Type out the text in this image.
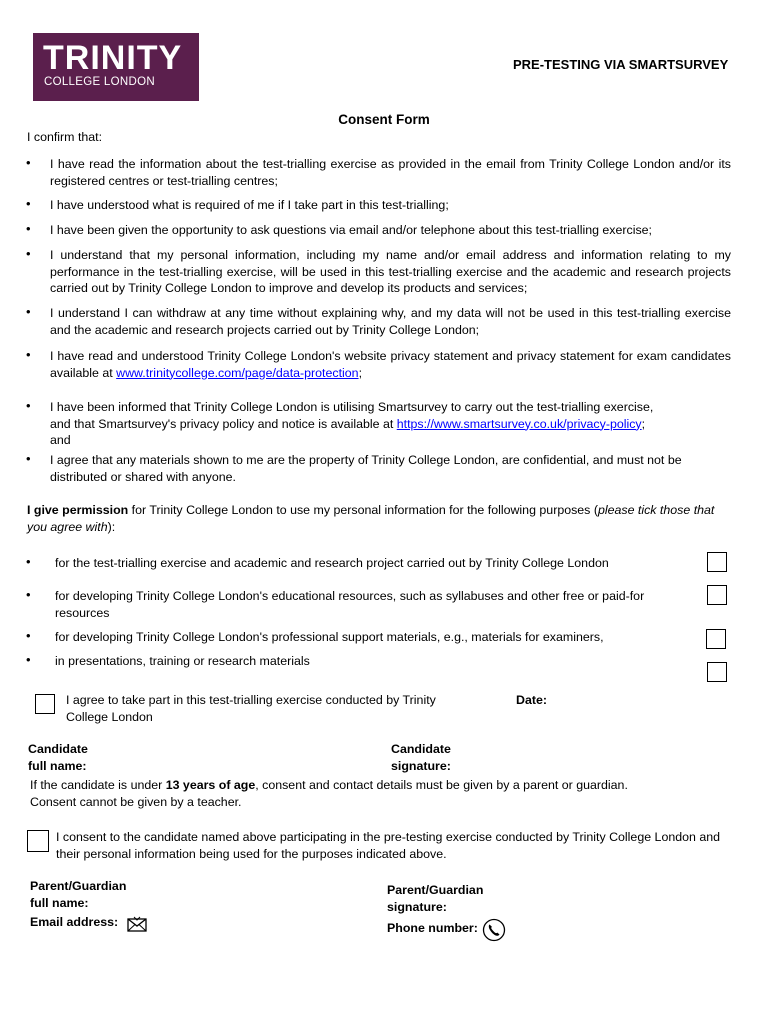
TRINITY
COLLEGE LONDON
PRE-TESTING VIA SMARTSURVEY
Consent Form
I confirm that:
• I have read the information about the test-trialling exercise as provided in the email from Trinity College London and/or its registered centres or test-trialling centres;
• I have understood what is required of me if I take part in this test-trialling;
• I have been given the opportunity to ask questions via email and/or telephone about this test-trialling exercise;
• I understand that my personal information, including my name and/or email address and information relating to my performance in the test-trialling exercise, will be used in this test-trialling exercise and the academic and research projects carried out by Trinity College London to improve and develop its products and services;
• I understand I can withdraw at any time without explaining why, and my data will not be used in this test-trialling exercise and the academic and research projects carried out by Trinity College London;
• I have read and understood Trinity College London's website privacy statement and privacy statement for exam candidates available at www.trinitycollege.com/page/data-protection;
• I have been informed that Trinity College London is utilising Smartsurvey to carry out the test-trialling exercise,
and that Smartsurvey's privacy policy and notice is available at https://www.smartsurvey.co.uk/privacy-policy;
and
• I agree that any materials shown to me are the property of Trinity College London, are confidential, and must not be distributed or shared with anyone.
I give permission for Trinity College London to use my personal information for the following purposes (please tick those that you agree with):
• for the test-trialling exercise and academic and research project carried out by Trinity College London
• for developing Trinity College London's educational resources, such as syllabuses and other free or paid-for resources
• for developing Trinity College London's professional support materials, e.g., materials for examiners,
• in presentations, training or research materials
I agree to take part in this test-trialling exercise conducted by Trinity College London
Date:
Candidate
full name:
Candidate
signature:
If the candidate is under 13 years of age, consent and contact details must be given by a parent or guardian.
Consent cannot be given by a teacher.
I consent to the candidate named above participating in the pre-testing exercise conducted by Trinity College London and their personal information being used for the purposes indicated above.
Parent/Guardian
full name:
Parent/Guardian
signature:
Email address:	Phone number:
